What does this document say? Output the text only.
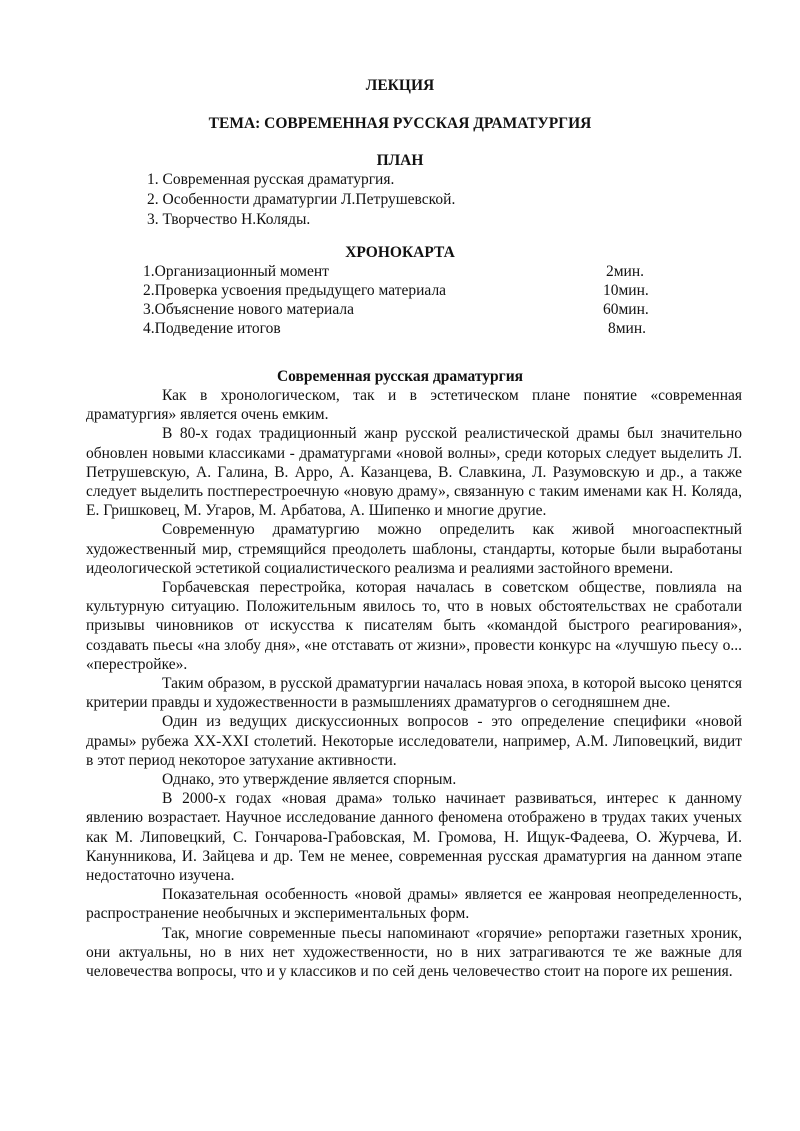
ЛЕКЦИЯ
ТЕМА: СОВРЕМЕННАЯ РУССКАЯ ДРАМАТУРГИЯ
ПЛАН
1. Современная русская драматургия.
2. Особенности драматургии Л.Петрушевской.
3. Творчество Н.Коляды.
ХРОНОКАРТА
1.Организационный момент	2мин.
2.Проверка усвоения предыдущего материала	10мин.
3.Объяснение нового материала	60мин.
4.Подведение итогов	8мин.
Современная русская драматургия

Как в хронологическом, так и в эстетическом плане понятие «современная драматургия» является очень емким.

В 80-х годах традиционный жанр русской реалистической драмы был значительно обновлен новыми классиками - драматургами «новой волны», среди которых следует выделить Л. Петрушевскую, А. Галина, В. Арро, А. Казанцева, В. Славкина, Л. Разумовскую и др., а также следует выделить постперестроечную «новую драму», связанную с таким именами как Н. Коляда, Е. Гришковец, М. Угаров, М. Арбатова, А. Шипенко и многие другие.

Современную драматургию можно определить как живой многоаспектный художественный мир, стремящийся преодолеть шаблоны, стандарты, которые были выработаны идеологической эстетикой социалистического реализма и реалиями застойного времени.

Горбачевская перестройка, которая началась в советском обществе, повлияла на культурную ситуацию. Положительным явилось то, что в новых обстоятельствах не сработали призывы чиновников от искусства к писателям быть «командой быстрого реагирования», создавать пьесы «на злобу дня», «не отставать от жизни», провести конкурс на «лучшую пьесу о... «перестройке».

Таким образом, в русской драматургии началась новая эпоха, в которой высоко ценятся критерии правды и художественности в размышлениях драматургов о сегодняшнем дне.

Один из ведущих дискуссионных вопросов - это определение специфики «новой драмы» рубежа XX-XXI столетий. Некоторые исследователи, например, А.М. Липовецкий, видит в этот период некоторое затухание активности.

Однако, это утверждение является спорным.

В 2000-х годах «новая драма» только начинает развиваться, интерес к данному явлению возрастает. Научное исследование данного феномена отображено в трудах таких ученых как М. Липовецкий, С. Гончарова-Грабовская, М. Громова, Н. Ищук-Фадеева, О. Журчева, И. Канунникова, И. Зайцева и др. Тем не менее, современная русская драматургия на данном этапе недостаточно изучена.

Показательная особенность «новой драмы» является ее жанровая неопределенность, распространение необычных и экспериментальных форм.

Так, многие современные пьесы напоминают «горячие» репортажи газетных хроник, они актуальны, но в них нет художественности, но в них затрагиваются те же важные для человечества вопросы, что и у классиков и по сей день человечество стоит на пороге их решения.
